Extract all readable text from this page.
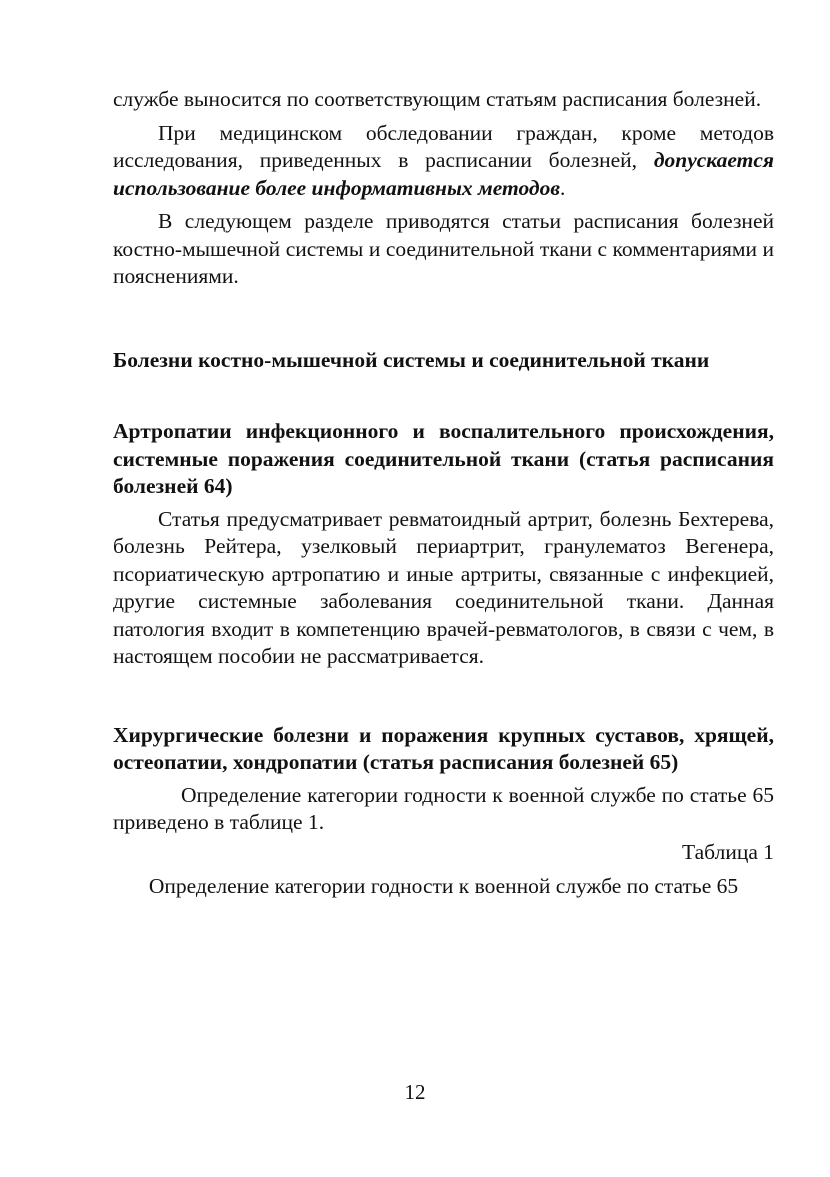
службе выносится по соответствующим статьям расписания болезней.

При медицинском обследовании граждан, кроме методов исследования, приведенных в расписании болезней, допускается использование более информативных методов.

В следующем разделе приводятся статьи расписания болезней костно-мышечной системы и соединительной ткани с комментариями и пояснениями.

Болезни костно-мышечной системы и соединительной ткани

Артропатии инфекционного и воспалительного происхождения, системные поражения соединительной ткани (статья расписания болезней 64)

Статья предусматривает ревматоидный артрит, болезнь Бехтерева, болезнь Рейтера, узелковый периартрит, гранулематоз Вегенера, псориатическую артропатию и иные артриты, связанные с инфекцией, другие системные заболевания соединительной ткани. Данная патология входит в компетенцию врачей-ревматологов, в связи с чем, в настоящем пособии не рассматривается.

Хирургические болезни и поражения крупных суставов, хрящей, остеопатии, хондропатии (статья расписания болезней 65)

Определение категории годности к военной службе по статье 65 приведено в таблице 1.

Таблица 1

Определение категории годности к военной службе по статье 65

12
